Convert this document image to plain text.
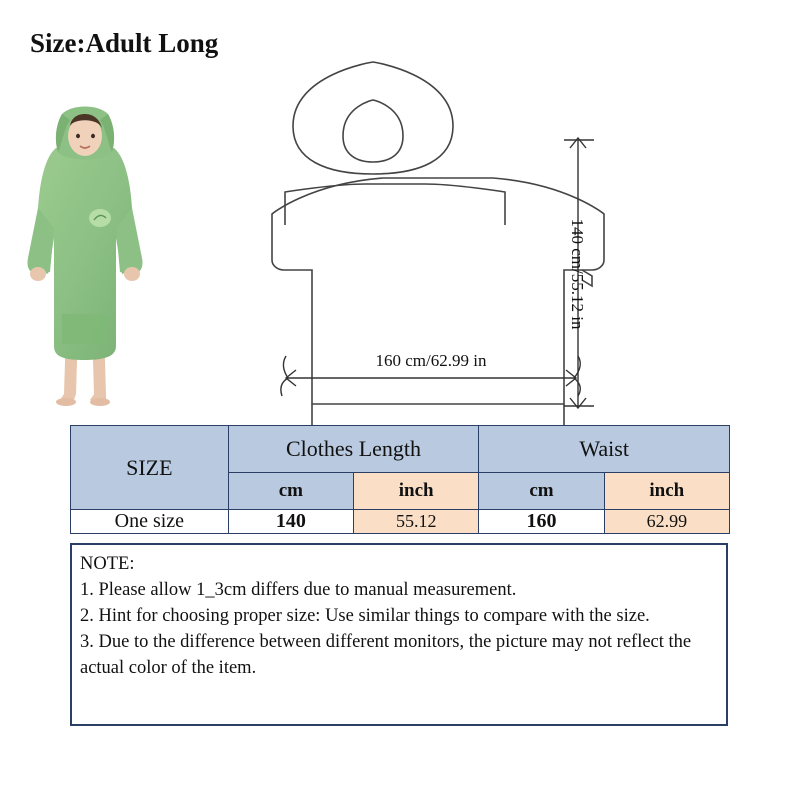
Size:Adult Long
160 cm/62.99 in
140 cm/55.12 in
SIZE	Clothes Length		Waist	
	cm	inch	cm	inch
One size	140	55.12	160	62.99
NOTE:
1. Please allow 1_3cm differs due to manual measurement.
2. Hint for choosing proper size: Use similar things to compare with the size.
3. Due to the difference between different monitors, the picture may not reflect the actual color of the item.
